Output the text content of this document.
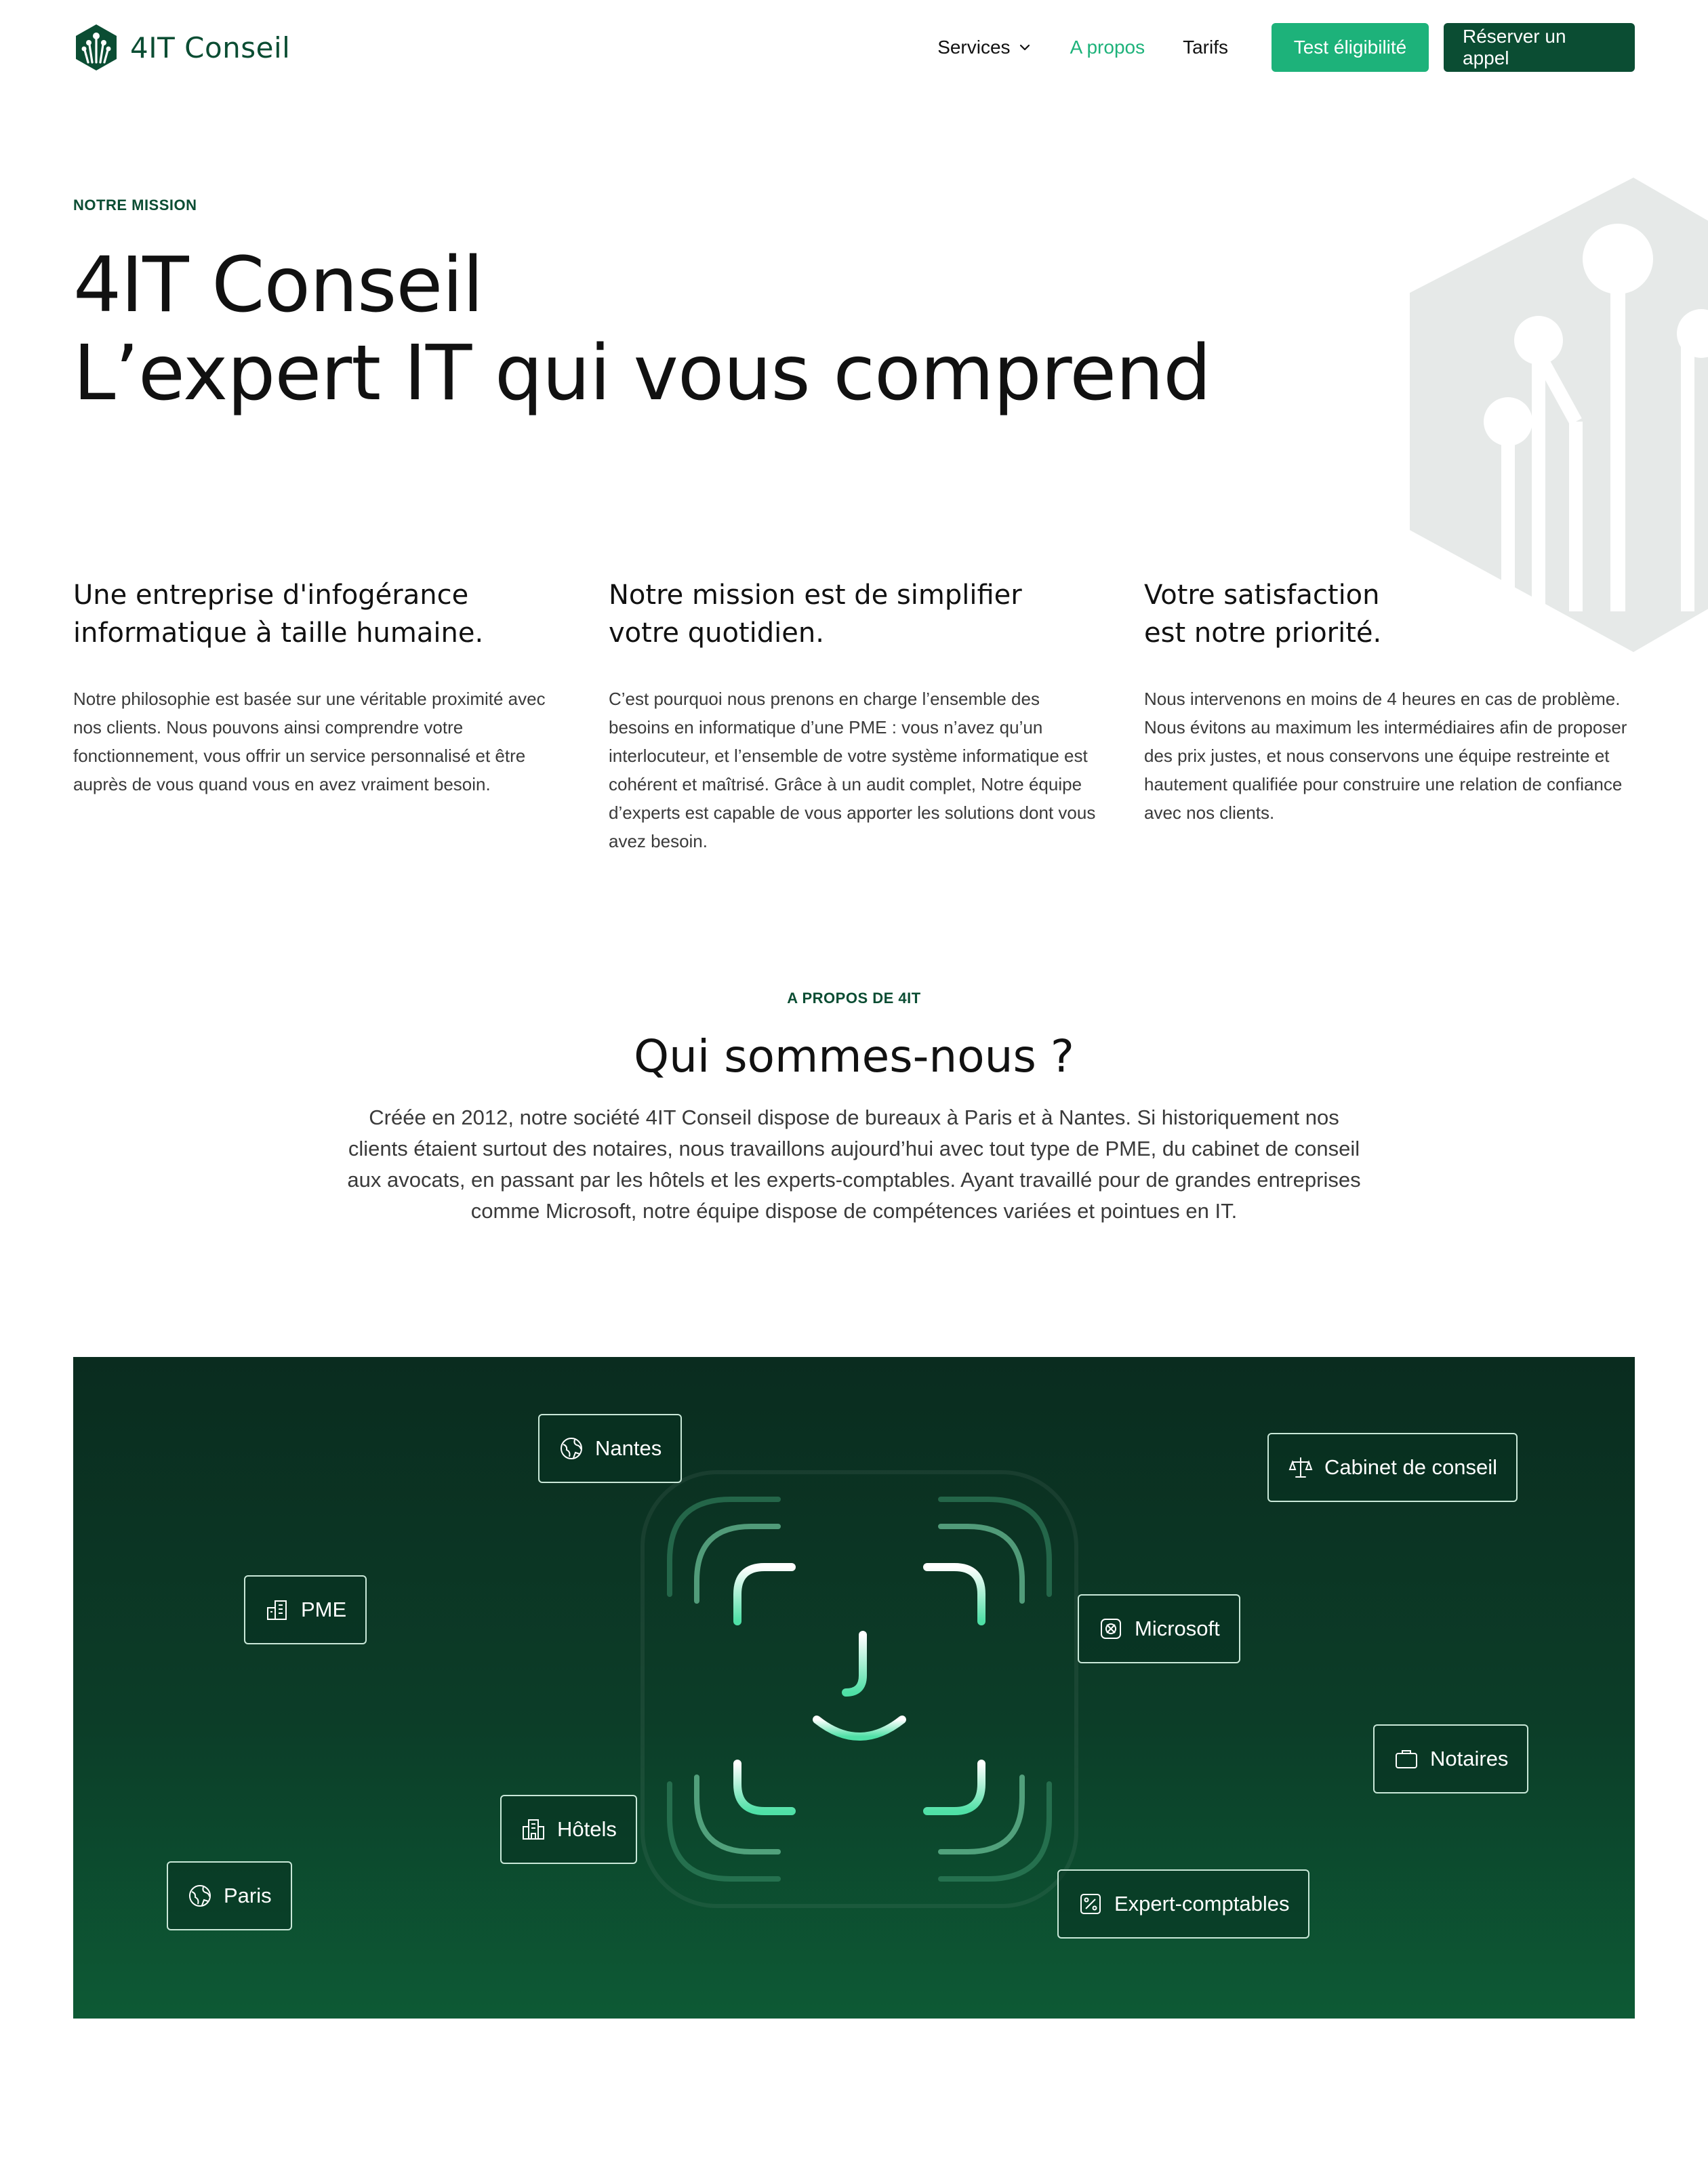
4IT Conseil	Services	A propos Tarifs	Test éligibilité
Réserver un appel
NOTRE MISSION
4IT Conseil
L’expert IT qui vous comprend
Une entreprise d'infogérance
informatique à taille humaine.

Notre philosophie est basée sur une véritable proximité avec nos clients. Nous pouvons ainsi comprendre votre fonctionnement, vous offrir un service personnalisé et être auprès de vous quand vous en avez vraiment besoin.

Notre mission est de simplifier
votre quotidien.

C’est pourquoi nous prenons en charge l’ensemble des besoins en informatique d’une PME : vous n’avez qu’un interlocuteur, et l’ensemble de votre système informatique est cohérent et maîtrisé. Grâce à un audit complet, Notre équipe d’experts est capable de vous apporter les solutions dont vous avez besoin.

Votre satisfaction
est notre priorité.

Nous intervenons en moins de 4 heures en cas de problème. Nous évitons au maximum les intermédiaires afin de proposer des prix justes, et nous conservons une équipe restreinte et hautement qualifiée pour construire une relation de confiance avec nos clients.

A PROPOS DE 4IT
Qui sommes-nous ?

Créée en 2012, notre société 4IT Conseil dispose de bureaux à Paris et à Nantes. Si historiquement nos clients étaient surtout des notaires, nous travaillons aujourd’hui avec tout type de PME, du cabinet de conseil aux avocats, en passant par les hôtels et les experts-comptables. Ayant travaillé pour de grandes entreprises comme Microsoft, notre équipe dispose de compétences variées et pointues en IT.

Nantes
Cabinet de conseil
PME
Microsoft
Notaires
Hôtels
Paris	Expert-comptables
